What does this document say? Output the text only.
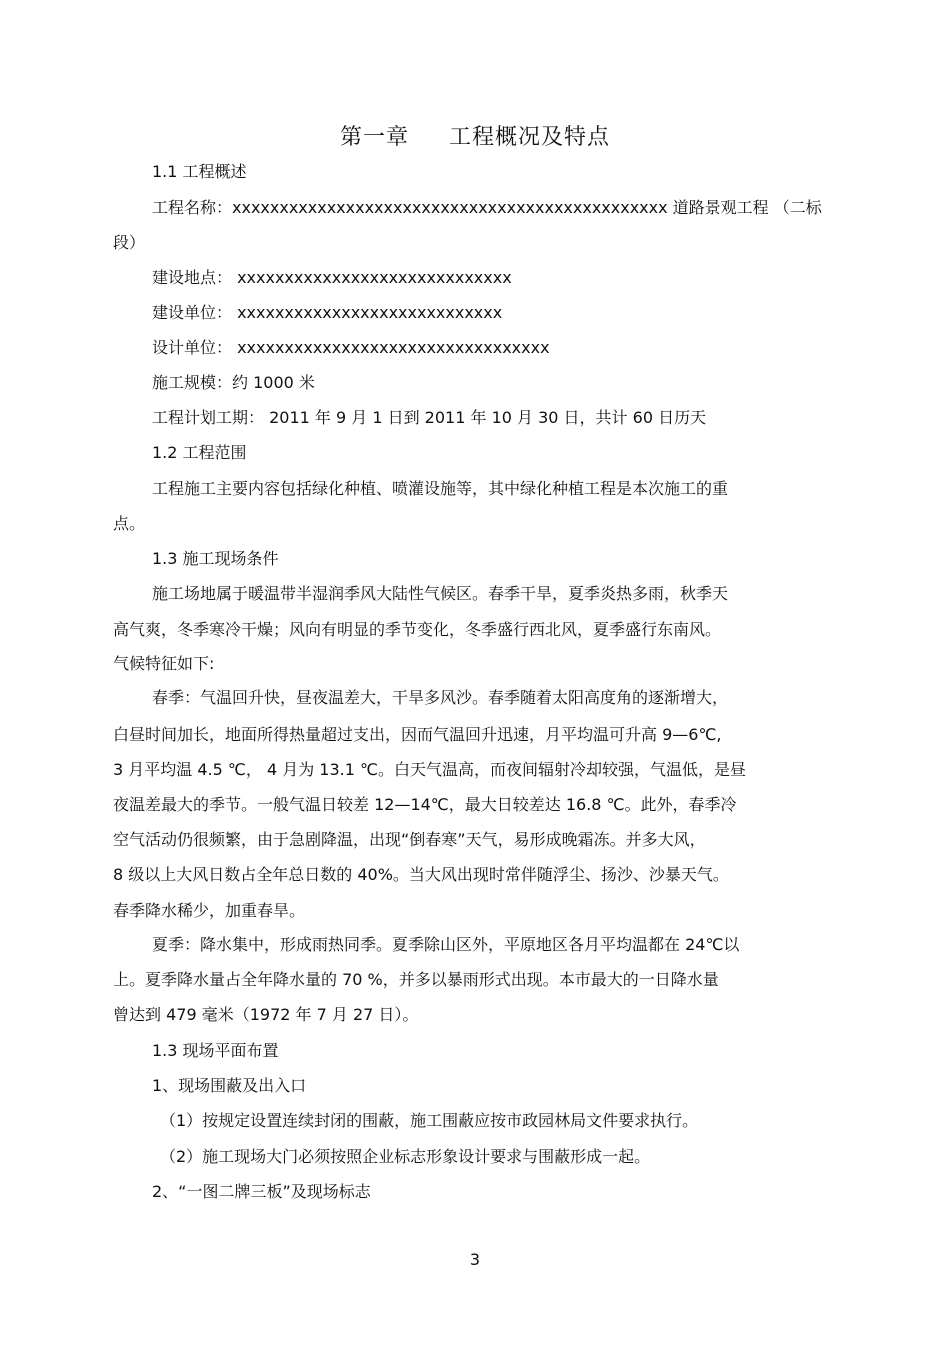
第一章 工程概况及特点
1.1 工程概述
工程名称：xxxxxxxxxxxxxxxxxxxxxxxxxxxxxxxxxxxxxxxxxxxxxx 道路景观工程 （二标
段）
建设地点： xxxxxxxxxxxxxxxxxxxxxxxxxxxxx
建设单位： xxxxxxxxxxxxxxxxxxxxxxxxxxxx
设计单位： xxxxxxxxxxxxxxxxxxxxxxxxxxxxxxxxx
施工规模：约 1000 米
工程计划工期： 2011 年 9 月 1 日到 2011 年 10 月 30 日，共计 60 日历天
1.2 工程范围
工程施工主要内容包括绿化种植、喷灌设施等，其中绿化种植工程是本次施工的重
点。
1.3 施工现场条件
施工场地属于暖温带半湿润季风大陆性气候区。春季干旱，夏季炎热多雨，秋季天
高气爽，冬季寒冷干燥；风向有明显的季节变化，冬季盛行西北风，夏季盛行东南风。
气候特征如下:
春季：气温回升快，昼夜温差大，干旱多风沙。春季随着太阳高度角的逐渐增大，
白昼时间加长，地面所得热量超过支出，因而气温回升迅速，月平均温可升高 9—6℃,
3 月平均温 4.5 ℃， 4 月为 13.1 ℃。白天气温高，而夜间辐射冷却较强，气温低，是昼
夜温差最大的季节。一般气温日较差 12—14℃，最大日较差达 16.8 ℃。此外，春季冷
空气活动仍很频繁，由于急剧降温，出现“倒春寒”天气，易形成晚霜冻。并多大风，
8 级以上大风日数占全年总日数的 40%。当大风出现时常伴随浮尘、扬沙、沙暴天气。
春季降水稀少，加重春旱。
夏季：降水集中，形成雨热同季。夏季除山区外，平原地区各月平均温都在 24℃以
上。夏季降水量占全年降水量的 70 %，并多以暴雨形式出现。本市最大的一日降水量
曾达到 479 毫米（1972 年 7 月 27 日）。
1.3 现场平面布置
1、现场围蔽及出入口
（1）按规定设置连续封闭的围蔽，施工围蔽应按市政园林局文件要求执行。
（2）施工现场大门必须按照企业标志形象设计要求与围蔽形成一起。
2、“一图二牌三板”及现场标志
3
